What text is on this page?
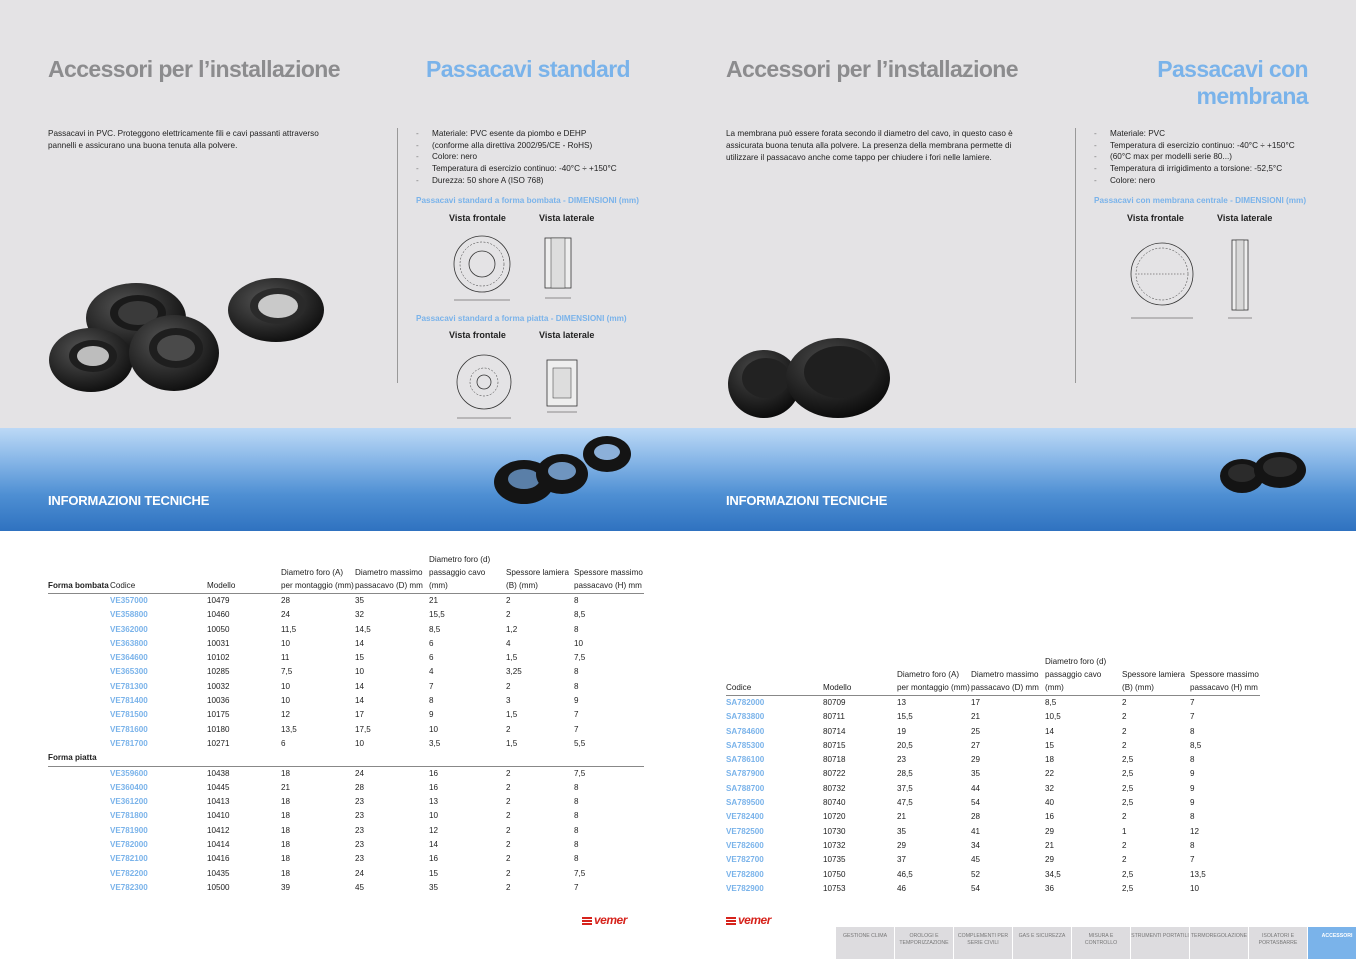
Accessori per l’installazione	Passacavi standard
Passacavi in PVC. Proteggono elettricamente fili e cavi passanti attraverso pannelli e assicurano una buona tenuta alla polvere.
- Materiale: PVC esente da piombo e DEHP
- (conforme alla direttiva 2002/95/CE - RoHS)
- Colore: nero
- Temperatura di esercizio continuo: -40°C ÷ +150°C
- Durezza: 50 shore A (ISO 768)
Passacavi standard a forma bombata - DIMENSIONI (mm)
Vista frontale	Vista laterale
Passacavi standard a forma piatta - DIMENSIONI (mm)
Vista frontale	Vista laterale
INFORMAZIONI TECNICHE
Forma bombata	Codice	Modello	Diametro foro (A) per montaggio (mm)	Diametro massimo passacavo (D) mm	Diametro foro (d) passaggio cavo (mm)	Spessore lamiera (B) (mm)	Spessore massimo passacavo (H) mm
	VE357000	10479	28	35	21	2	8
	VE358800	10460	24	32	15,5	2	8,5
	VE362000	10050	11,5	14,5	8,5	1,2	8
	VE363800	10031	10	14	6	4	10
	VE364600	10102	11	15	6	1,5	7,5
	VE365300	10285	7,5	10	4	3,25	8
	VE781300	10032	10	14	7	2	8
	VE781400	10036	10	14	8	3	9
	VE781500	10175	12	17	9	1,5	7
	VE781600	10180	13,5	17,5	10	2	7
	VE781700	10271	6	10	3,5	1,5	5,5
Forma piatta							
	VE359600	10438	18	24	16	2	7,5
	VE360400	10445	21	28	16	2	8
	VE361200	10413	18	23	13	2	8
	VE781800	10410	18	23	10	2	8
	VE781900	10412	18	23	12	2	8
	VE782000	10414	18	23	14	2	8
	VE782100	10416	18	23	16	2	8
	VE782200	10435	18	24	15	2	7,5
	VE782300	10500	39	45	35	2	7
vemer
Accessori per l’installazione	Passacavi con membrana
La membrana può essere forata secondo il diametro del cavo, in questo caso è assicurata buona tenuta alla polvere. La presenza della membrana permette di utilizzare il passacavo anche come tappo per chiudere i fori nelle lamiere.
- Materiale: PVC
- Temperatura di esercizio continuo: -40°C ÷ +150°C
- (60°C max per modelli serie 80...)
- Temperatura di irrigidimento a torsione: -52,5°C
- Colore: nero
Passacavi con membrana centrale - DIMENSIONI (mm)
Vista frontale	Vista laterale
INFORMAZIONI TECNICHE
Codice	Modello	Diametro foro (A) per montaggio (mm)	Diametro massimo passacavo (D) mm	Diametro foro (d) passaggio cavo (mm)	Spessore lamiera (B) (mm)	Spessore massimo passacavo (H) mm
SA782000	80709	13	17	8,5	2	7
SA783800	80711	15,5	21	10,5	2	7
SA784600	80714	19	25	14	2	8
SA785300	80715	20,5	27	15	2	8,5
SA786100	80718	23	29	18	2,5	8
SA787900	80722	28,5	35	22	2,5	9
SA788700	80732	37,5	44	32	2,5	9
SA789500	80740	47,5	54	40	2,5	9
VE782400	10720	21	28	16	2	8
VE782500	10730	35	41	29	1	12
VE782600	10732	29	34	21	2	8
VE782700	10735	37	45	29	2	7
VE782800	10750	46,5	52	34,5	2,5	13,5
VE782900	10753	46	54	36	2,5	10
vemer
GESTIONE CLIMA	OROLOGI E TEMPORIZZAZIONE
COMPLEMENTI PER SERIE CIVILI
GAS E SICUREZZA	MISURA E CONTROLLO
STRUMENTI PORTATILI TERMOREGOLAZIONE	ISOLATORI E PORTASBARRE
ACCESSORI
